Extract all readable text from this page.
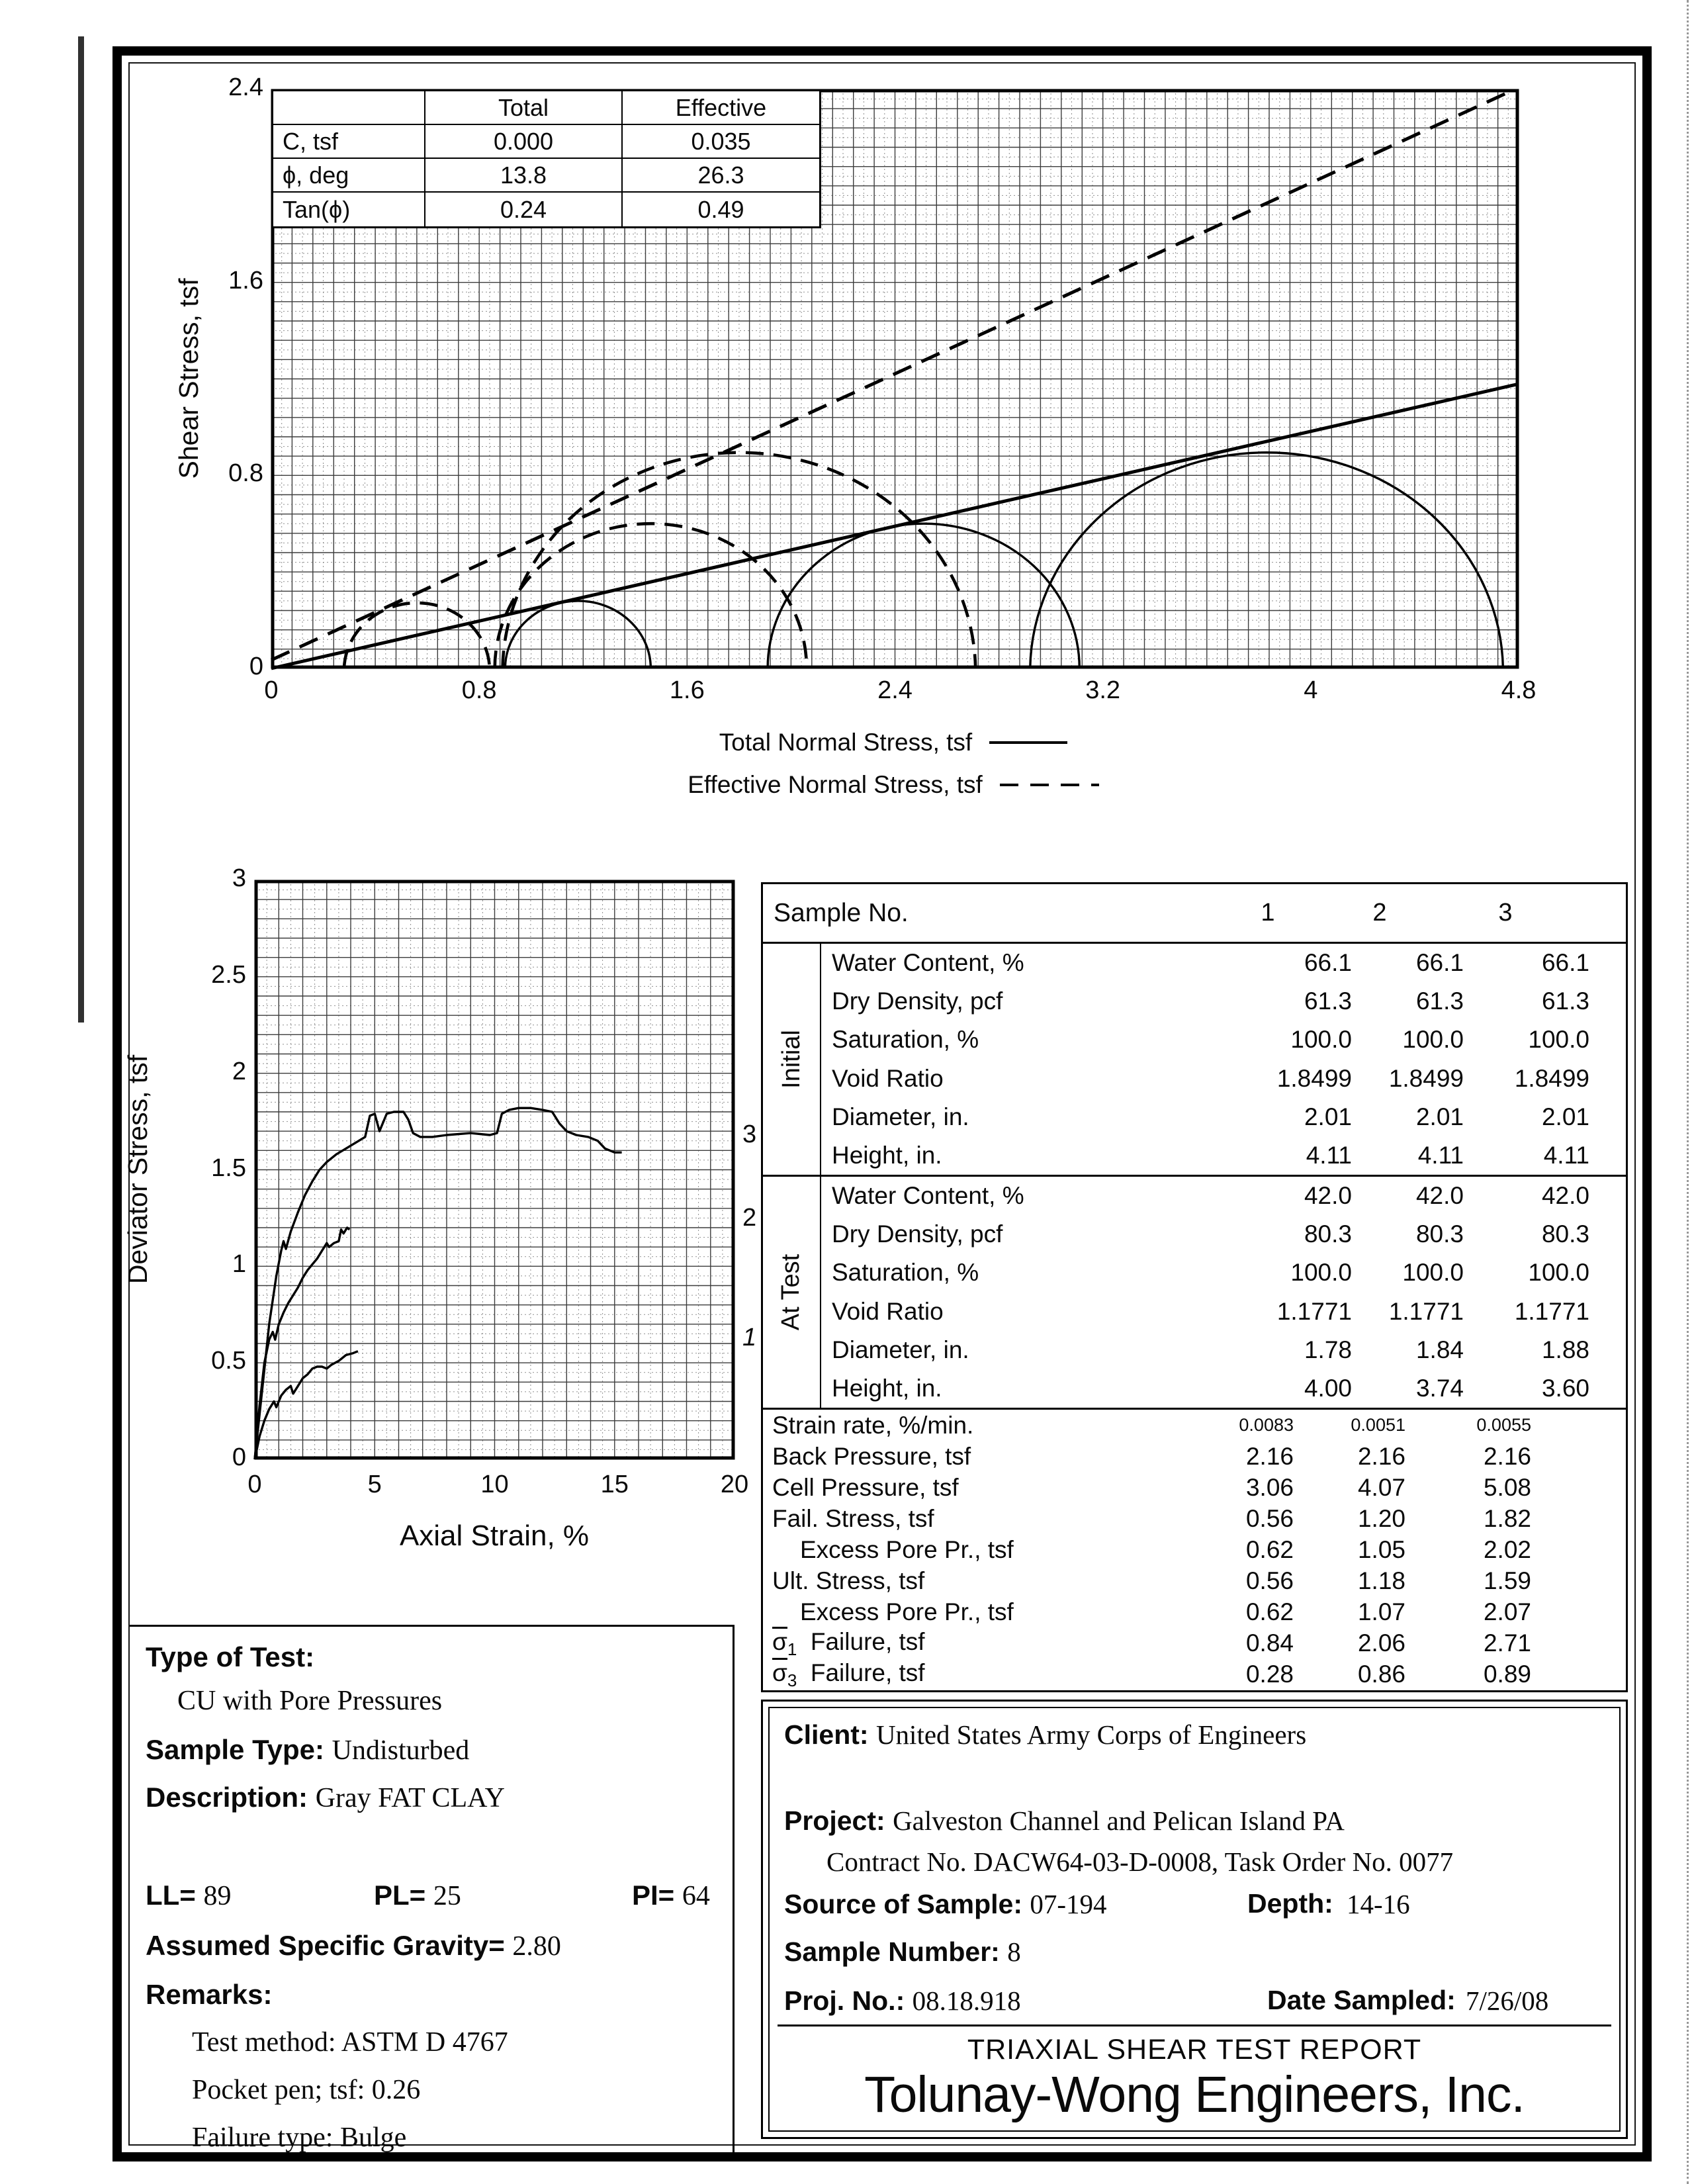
Shear Stress, tsf
0
0.8
1.6
2.4
0	0.8	1.6	2.4	3.2	4	4.8
Total	Effective
C, tsf	0.000	0.035
ϕ, deg	13.8	26.3
Tan(ϕ)	0.24	0.49
Total Normal Stress, tsf
Effective Normal Stress, tsf
Deviator Stress, tsf
Axial Strain, %
0
0.5
1
1.5
2
2.5
3
0	5	10	15	20
3
2
1
Sample No.	1	2	3
Initial
Water Content, %	66.1	66.1	66.1
Dry Density, pcf	61.3	61.3	61.3
Saturation, %	100.0	100.0	100.0
Void Ratio	1.8499	1.8499	1.8499
Diameter, in.	2.01	2.01	2.01
Height, in.	4.11	4.11	4.11
At Test
Water Content, %	42.0	42.0	42.0
Dry Density, pcf	80.3	80.3	80.3
Saturation, %	100.0	100.0	100.0
Void Ratio	1.1771	1.1771	1.1771
Diameter, in.	1.78	1.84	1.88
Height, in.	4.00	3.74	3.60
Strain rate, %/min.	0.0083	0.0051	0.0055
Back Pressure, tsf	2.16	2.16	2.16
Cell Pressure, tsf	3.06	4.07	5.08
Fail. Stress, tsf	0.56	1.20	1.82
Excess Pore Pr., tsf	0.62	1.05	2.02
Ult. Stress, tsf	0.56	1.18	1.59
Excess Pore Pr., tsf	0.62	1.07	2.07
$\sigma_1$  Failure, tsf	0.84	2.06	2.71
$\sigma_3$  Failure, tsf	0.28	0.86	0.89
Type of Test:
CU with Pore Pressures
Sample Type: Undisturbed
Description: Gray FAT CLAY
LL= 89	PL= 25	PI= 64
Assumed Specific Gravity= 2.80
Remarks:
Test method: ASTM D 4767
Pocket pen; tsf: 0.26
Failure type: Bulge
Client: United States Army Corps of Engineers
Project: Galveston Channel and Pelican Island PA
Contract No. DACW64-03-D-0008, Task Order No. 0077
Source of Sample: 07-194	Depth: 14-16
Sample Number: 8
Proj. No.: 08.18.918	Date Sampled: 7/26/08
TRIAXIAL SHEAR TEST REPORT
Tolunay-Wong Engineers, Inc.
